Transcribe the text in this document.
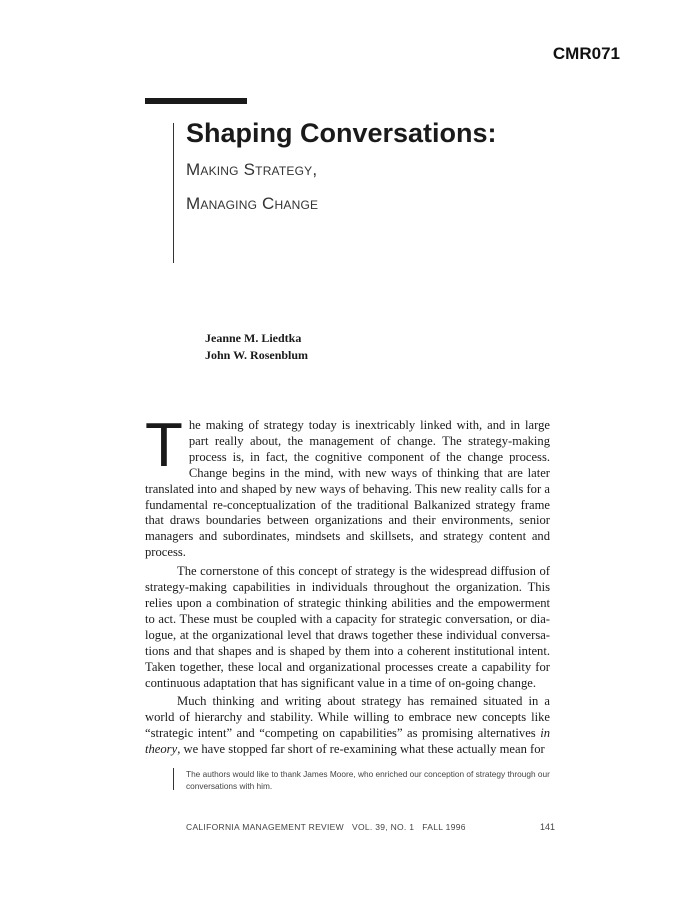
CMR071
Shaping Conversations:
Making Strategy,
Managing Change
Jeanne M. Liedtka
John W. Rosenblum

The making of strategy today is inextricably linked with, and in large part really about, the management of change. The strategy-making process is, in fact, the cognitive component of the change process. Change begins in the mind, with new ways of thinking that are later translated into and shaped by new ways of behaving. This new reality calls for a fundamental re-conceptualization of the traditional Balkanized strategy frame that draws boundaries between organizations and their environments, senior managers and subordinates, mindsets and skillsets, and strategy content and process.

The cornerstone of this concept of strategy is the widespread diffusion of strategy-making capabilities in individuals throughout the organization. This relies upon a combination of strategic thinking abilities and the empowerment to act. These must be coupled with a capacity for strategic conversation, or dia-logue, at the organizational level that draws together these individual conversa-tions and that shapes and is shaped by them into a coherent institutional intent. Taken together, these local and organizational processes create a capability for continuous adaptation that has significant value in a time of on-going change.

Much thinking and writing about strategy has remained situated in a world of hierarchy and stability. While willing to embrace new concepts like “strategic intent” and “competing on capabilities” as promising alternatives in theory, we have stopped far short of re-examining what these actually mean for

The authors would like to thank James Moore, who enriched our conception of strategy through our conversations with him.
CALIFORNIA MANAGEMENT REVIEW VOL. 39, NO. 1 FALL 1996	141
